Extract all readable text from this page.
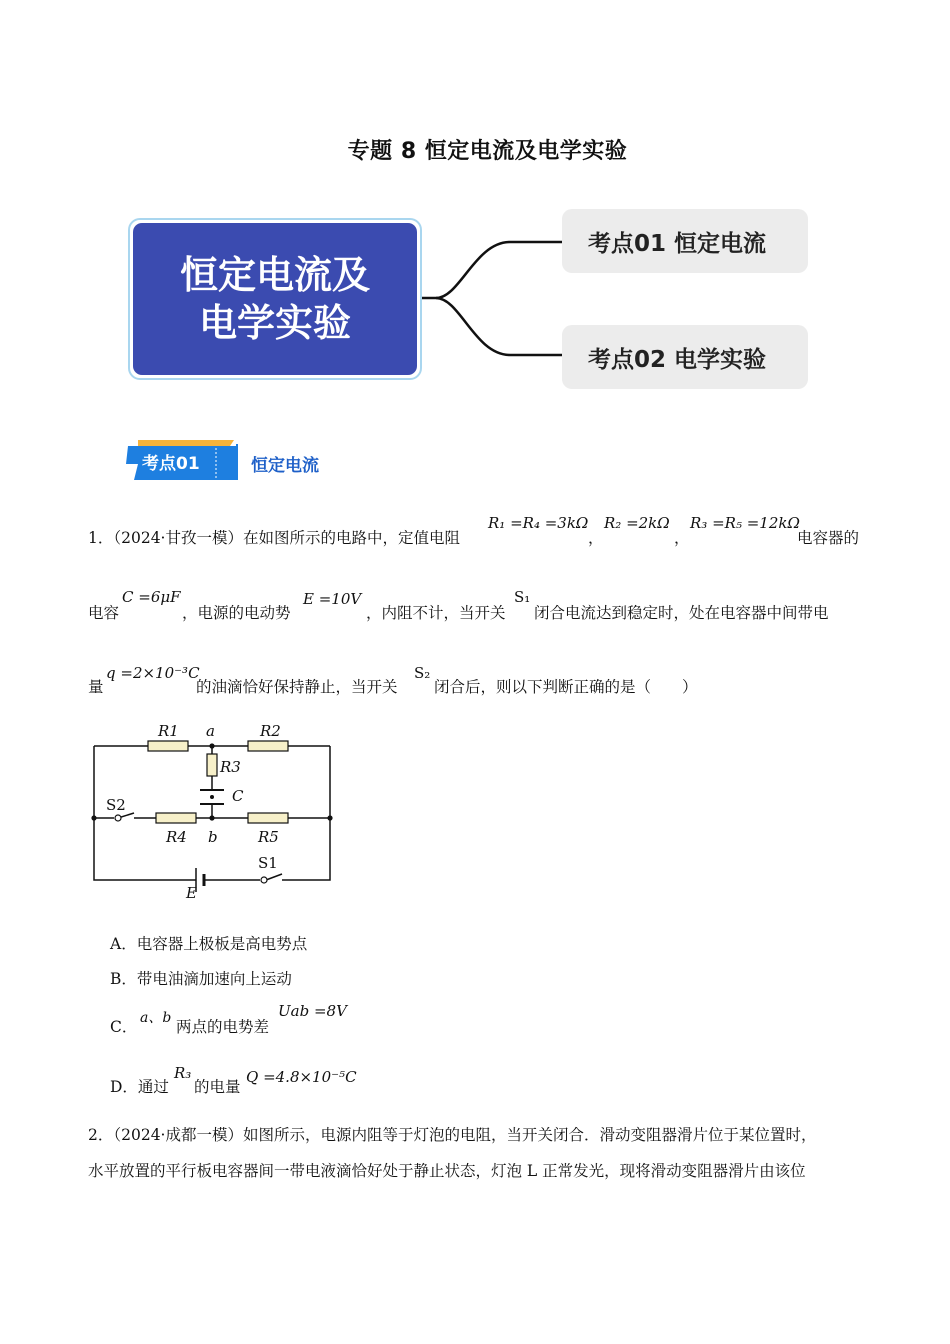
专题 8 恒定电流及电学实验
恒定电流及
电学实验
考点01 恒定电流
考点02 电学实验
考点01	恒定电流
1．（2024·甘孜一模）在如图所示的电路中，定值电阻
R₁ =R₄ =3kΩ
，
R₂ =2kΩ
，
R₃ =R₅ =12kΩ
电容器的
电容
C =6μF
，电源的电动势
E =10V
，内阻不计，当开关
S₁
闭合电流达到稳定时，处在电容器中间带电
量
q =2×10⁻³C
的油滴恰好保持静止，当开关
S₂
闭合后，则以下判断正确的是（　　）
R1 a	R2
R3
C
S2
R4 b	R5
S1
E
A．电容器上极板是高电势点
B．带电油滴加速向上运动
C． a、b 两点的电势差
Uab =8V
D．通过
R₃
的电量
Q =4.8×10⁻⁵C
2．（2024·成都一模）如图所示，电源内阻等于灯泡的电阻，当开关闭合．滑动变阻器滑片位于某位置时，
水平放置的平行板电容器间一带电液滴恰好处于静止状态，灯泡 L 正常发光，现将滑动变阻器滑片由该位
